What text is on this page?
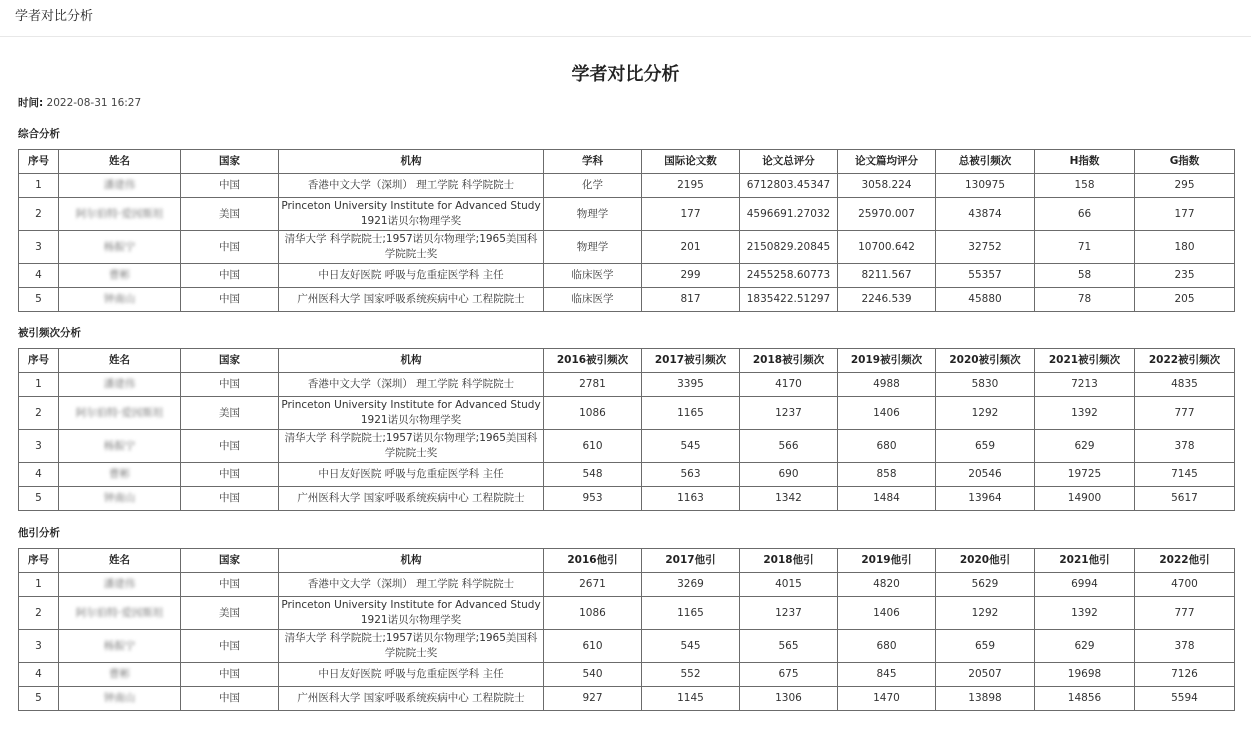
学者对比分析
学者对比分析
时间: 2022-08-31 16:27
综合分析
序号	姓名	国家	机构	学科	国际论文数	论文总评分	论文篇均评分	总被引频次	H指数	G指数
1	潘建伟	中国	香港中文大学（深圳） 理工学院 科学院院士	化学	2195	6712803.45347	3058.224	130975	158	295
2	阿尔伯特·爱因斯坦	美国	Princeton University Institute for Advanced Study 1921诺贝尔物理学奖	物理学	177	4596691.27032	25970.007	43874	66	177
3	杨振宁	中国	清华大学 科学院院士;1957诺贝尔物理学;1965美国科学院院士奖	物理学	201	2150829.20845	10700.642	32752	71	180
4	曹彬	中国	中日友好医院 呼吸与危重症医学科 主任	临床医学	299	2455258.60773	8211.567	55357	58	235
5	钟南山	中国	广州医科大学 国家呼吸系统疾病中心 工程院院士	临床医学	817	1835422.51297	2246.539	45880	78	205
被引频次分析
序号	姓名	国家	机构	2016被引频次	2017被引频次	2018被引频次	2019被引频次	2020被引频次	2021被引频次	2022被引频次
1	潘建伟	中国	香港中文大学（深圳） 理工学院 科学院院士	2781	3395	4170	4988	5830	7213	4835
2	阿尔伯特·爱因斯坦	美国	Princeton University Institute for Advanced Study 1921诺贝尔物理学奖	1086	1165	1237	1406	1292	1392	777
3	杨振宁	中国	清华大学 科学院院士;1957诺贝尔物理学;1965美国科学院院士奖	610	545	566	680	659	629	378
4	曹彬	中国	中日友好医院 呼吸与危重症医学科 主任	548	563	690	858	20546	19725	7145
5	钟南山	中国	广州医科大学 国家呼吸系统疾病中心 工程院院士	953	1163	1342	1484	13964	14900	5617
他引分析
序号	姓名	国家	机构	2016他引	2017他引	2018他引	2019他引	2020他引	2021他引	2022他引
1	潘建伟	中国	香港中文大学（深圳） 理工学院 科学院院士	2671	3269	4015	4820	5629	6994	4700
2	阿尔伯特·爱因斯坦	美国	Princeton University Institute for Advanced Study 1921诺贝尔物理学奖	1086	1165	1237	1406	1292	1392	777
3	杨振宁	中国	清华大学 科学院院士;1957诺贝尔物理学;1965美国科学院院士奖	610	545	565	680	659	629	378
4	曹彬	中国	中日友好医院 呼吸与危重症医学科 主任	540	552	675	845	20507	19698	7126
5	钟南山	中国	广州医科大学 国家呼吸系统疾病中心 工程院院士	927	1145	1306	1470	13898	14856	5594
